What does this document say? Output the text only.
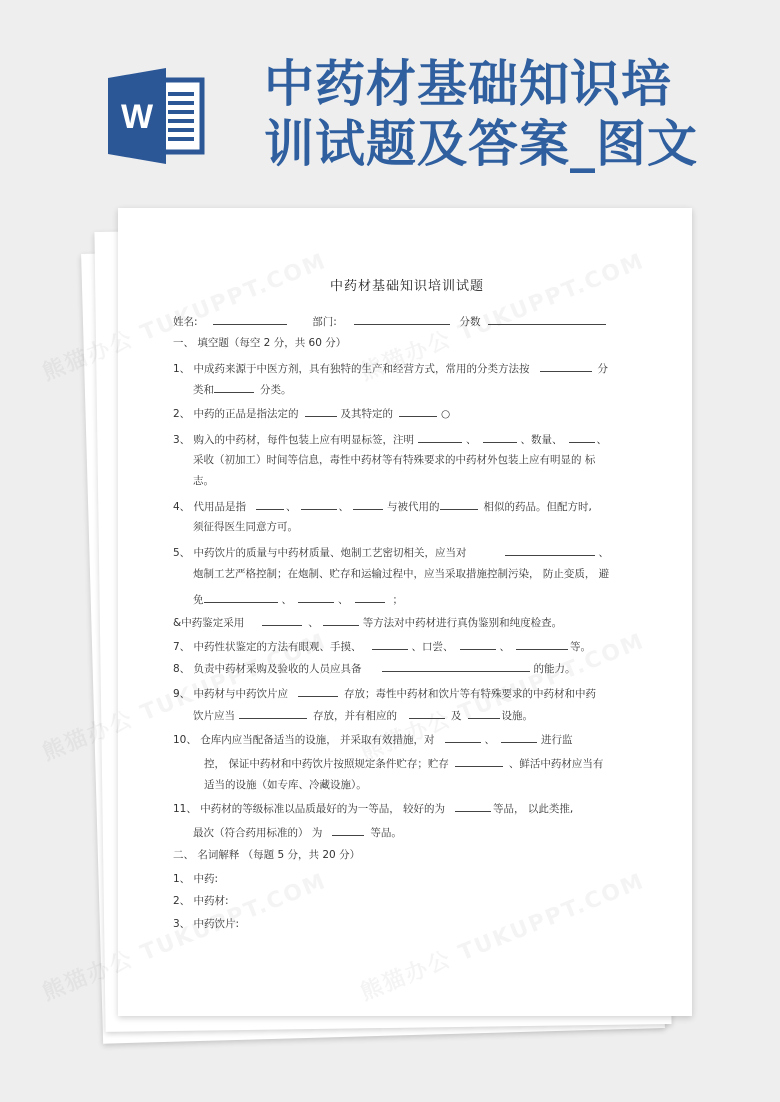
W
中药材基础知识培
训试题及答案_图文
中药材基础知识培训试题
姓名:	部门:	分数
一、 填空题（每空 2 分，共 60 分）
1、 中成药来源于中医方剂，具有独特的生产和经营方式，常用的分类方法按	分
类和	分类。
2、 中药的正品是指法定的	及其特定的	○
3、 购入的中药材，每件包装上应有明显标签，注明	、	、数量、	、
采收（初加工）时间等信息，毒性中药材等有特殊要求的中药材外包装上应有明显的 标
志。
4、 代用品是指	、	、	与被代用的	相似的药品。但配方时,
须征得医生同意方可。
5、 中药饮片的质量与中药材质量、炮制工艺密切相关，应当对	、
炮制工艺严格控制；在炮制、贮存和运输过程中，应当采取措施控制污染， 防止变质， 避
免	、	、	；
&中药鉴定采用	、	等方法对中药材进行真伪鉴别和纯度检查。
7、 中药性状鉴定的方法有眼观、手摸、	、口尝、	、	等。
8、 负责中药材采购及验收的人员应具备	的能力。
9、 中药材与中药饮片应	存放；毒性中药材和饮片等有特殊要求的中药材和中药
饮片应当	存放，并有相应的	及	设施。
10、 仓库内应当配备适当的设施， 并采取有效措施，对	、	进行监
控， 保证中药材和中药饮片按照规定条件贮存；贮存	、鲜活中药材应当有
适当的设施（如专库、冷藏设施）。
11、 中药材的等级标准以品质最好的为一等品， 较好的为	等品， 以此类推,
最次（符合药用标准的） 为	等品。
二、 名词解释 （每题 5 分，共 20 分）
1、 中药:
2、 中药材:
3、 中药饮片:
